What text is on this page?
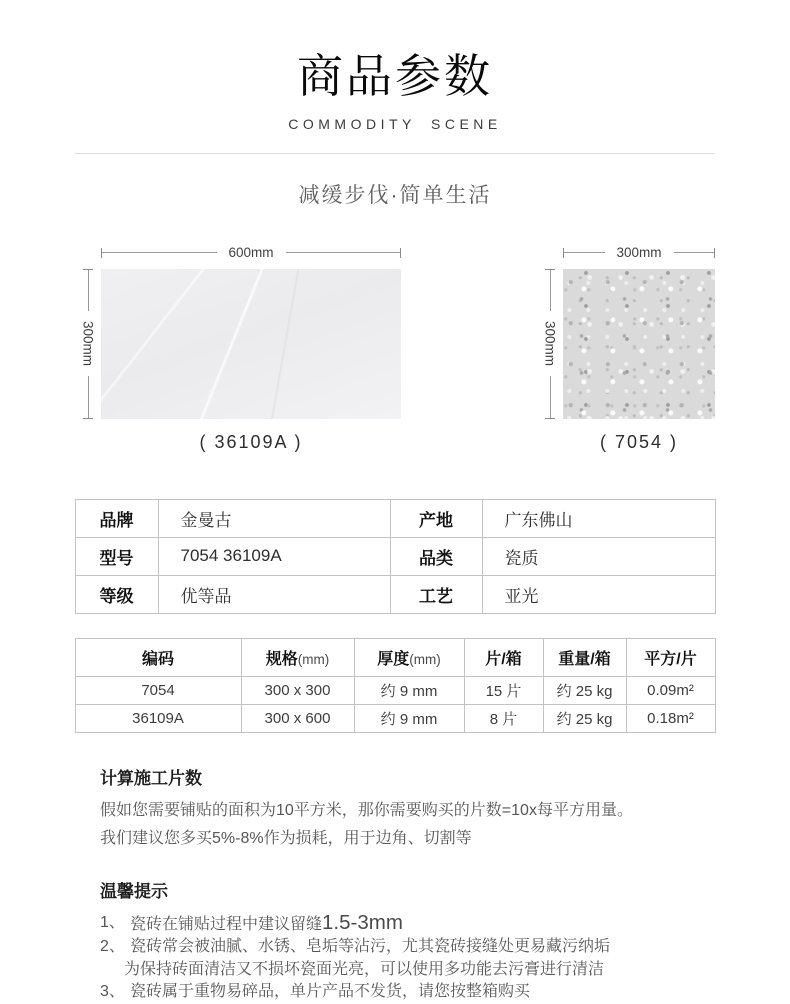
商品参数
COMMODITY SCENE
减缓步伐·简单生活
600mm
300mm
( 36109A )
300mm
300mm
( 7054 )
品牌	金曼古	产地	广东佛山
型号	7054 36109A	品类	瓷质
等级	优等品	工艺	亚光
编码	规格(mm)	厚度(mm)	片/箱	重量/箱	平方/片
7054	300 x 300	约 9 mm	15 片	约 25 kg	0.09m²
36109A	300 x 600	约 9 mm	8 片	约 25 kg	0.18m²
计算施工片数
假如您需要铺贴的面积为10平方米，那你需要购买的片数=10x每平方用量。
我们建议您多买5%-8%作为损耗，用于边角、切割等
温馨提示
1、 瓷砖在铺贴过程中建议留缝1.5-3mm
2、 瓷砖常会被油腻、水锈、皂垢等沾污，尤其瓷砖接缝处更易藏污纳垢
为保持砖面清洁又不损坏瓷面光亮，可以使用多功能去污膏进行清洁
3、 瓷砖属于重物易碎品，单片产品不发货，请您按整箱购买
